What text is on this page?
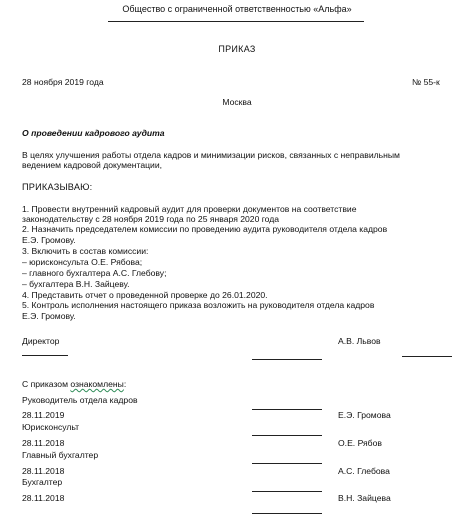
Общество с ограниченной ответственностью «Альфа»
ПРИКАЗ
28 ноября 2019 года	№ 55-к
Москва
О проведении кадрового аудита
В целях улучшения работы отдела кадров и минимизации рисков, связанных с неправильным
ведением кадровой документации,
ПРИКАЗЫВАЮ:
1. Провести внутренний кадровый аудит для проверки документов на соответствие
законодательству с 28 ноября 2019 года по 25 января 2020 года
2. Назначить председателем комиссии по проведению аудита руководителя отдела кадров
Е.Э. Громову.
3. Включить в состав комиссии:
– юрисконсульта О.Е. Рябова;
– главного бухгалтера А.С. Глебову;
– бухгалтера В.Н. Зайцеву.
4. Представить отчет о проведенной проверке до 26.01.2020.
5. Контроль исполнения настоящего приказа возложить на руководителя отдела кадров
Е.Э. Громову.
Директор	А.В. Львов
С приказом ознакомлены:
Руководитель отдела кадров
28.11.2019	Е.Э. Громова
Юрисконсульт
28.11.2018	О.Е. Рябов
Главный бухгалтер
28.11.2018	А.С. Глебова
Бухгалтер
28.11.2018	В.Н. Зайцева
